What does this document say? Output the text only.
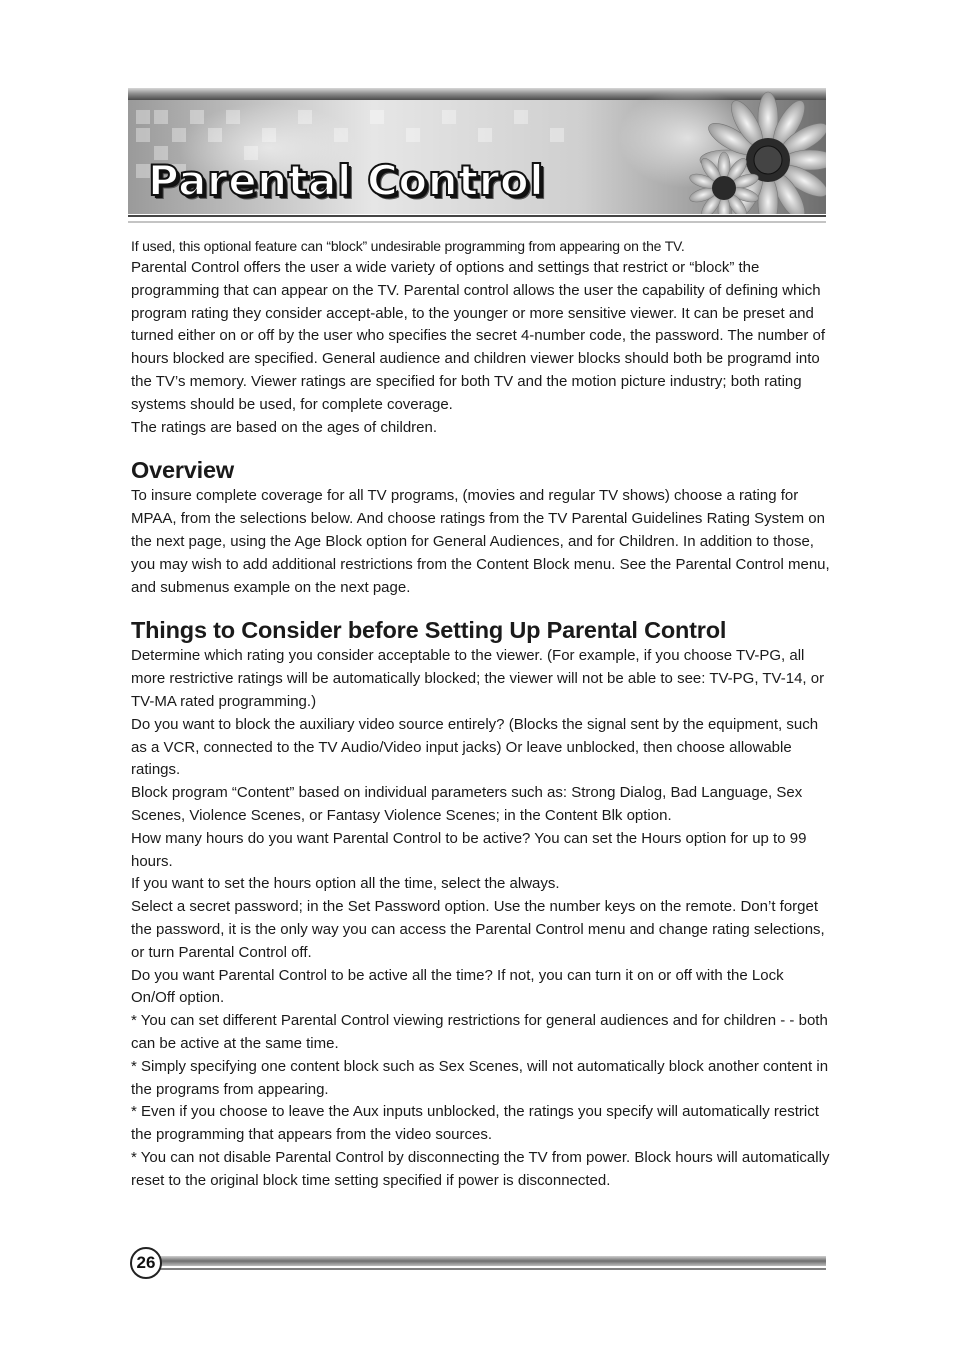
Parental Control

If used, this optional feature can “block” undesirable programming from appearing on the TV.

Parental Control offers the user a wide variety of options and settings that restrict or “block” the programming that can appear on the TV. Parental control allows the user the capability of defining which program rating they consider accept-able, to the younger or more sensitive viewer. It can be preset and turned either on or off by the user who specifies the secret 4-number code, the password. The number of hours blocked are specified. General audience and children viewer blocks should both be programd into the TV’s memory. Viewer ratings are specified for both TV and the motion picture industry; both rating systems should be used, for complete coverage.

The ratings are based on the ages of children.

Overview

To insure complete coverage for all TV programs, (movies and regular TV shows) choose a rating for MPAA, from the selections below. And choose ratings from the TV Parental Guidelines Rating System on the next page, using the Age Block option for General Audiences, and for Children. In addition to those, you may wish to add additional restrictions from the Content Block menu. See the Parental Control menu, and submenus example on the next page.

Things to Consider before Setting Up Parental Control

Determine which rating you consider acceptable to the viewer. (For example, if you choose TV-PG, all more restrictive ratings will be automatically blocked; the viewer will not be able to see: TV-PG, TV-14, or TV-MA rated programming.)

Do you want to block the auxiliary video source entirely? (Blocks the signal sent by the equipment, such as a VCR, connected to the TV Audio/Video input jacks) Or leave unblocked, then choose allowable ratings.

Block program “Content” based on individual parameters such as: Strong Dialog, Bad Language, Sex Scenes, Violence Scenes, or Fantasy Violence Scenes; in the Content Blk option.

How many hours do you want Parental Control to be active? You can set the Hours option for up to 99 hours.

If you want to set the hours option all the time, select the always.

Select a secret password; in the Set Password option. Use the number keys on the remote. Don’t forget the password, it is the only way you can access the Parental Control menu and change rating selections, or turn Parental Control off.

Do you want Parental Control to be active all the time? If not, you can turn it on or off with the Lock On/Off option.

* You can set different Parental Control viewing restrictions for general audiences and for children - - both can be active at the same time.

* Simply specifying one content block such as Sex Scenes, will not automatically block another content in the programs from appearing.

* Even if you choose to leave the Aux inputs unblocked, the ratings you specify will automatically restrict the programming that appears from the video sources.

* You can not disable Parental Control by disconnecting the TV from power. Block hours will automatically reset to the original block time setting specified if power is disconnected.

26
